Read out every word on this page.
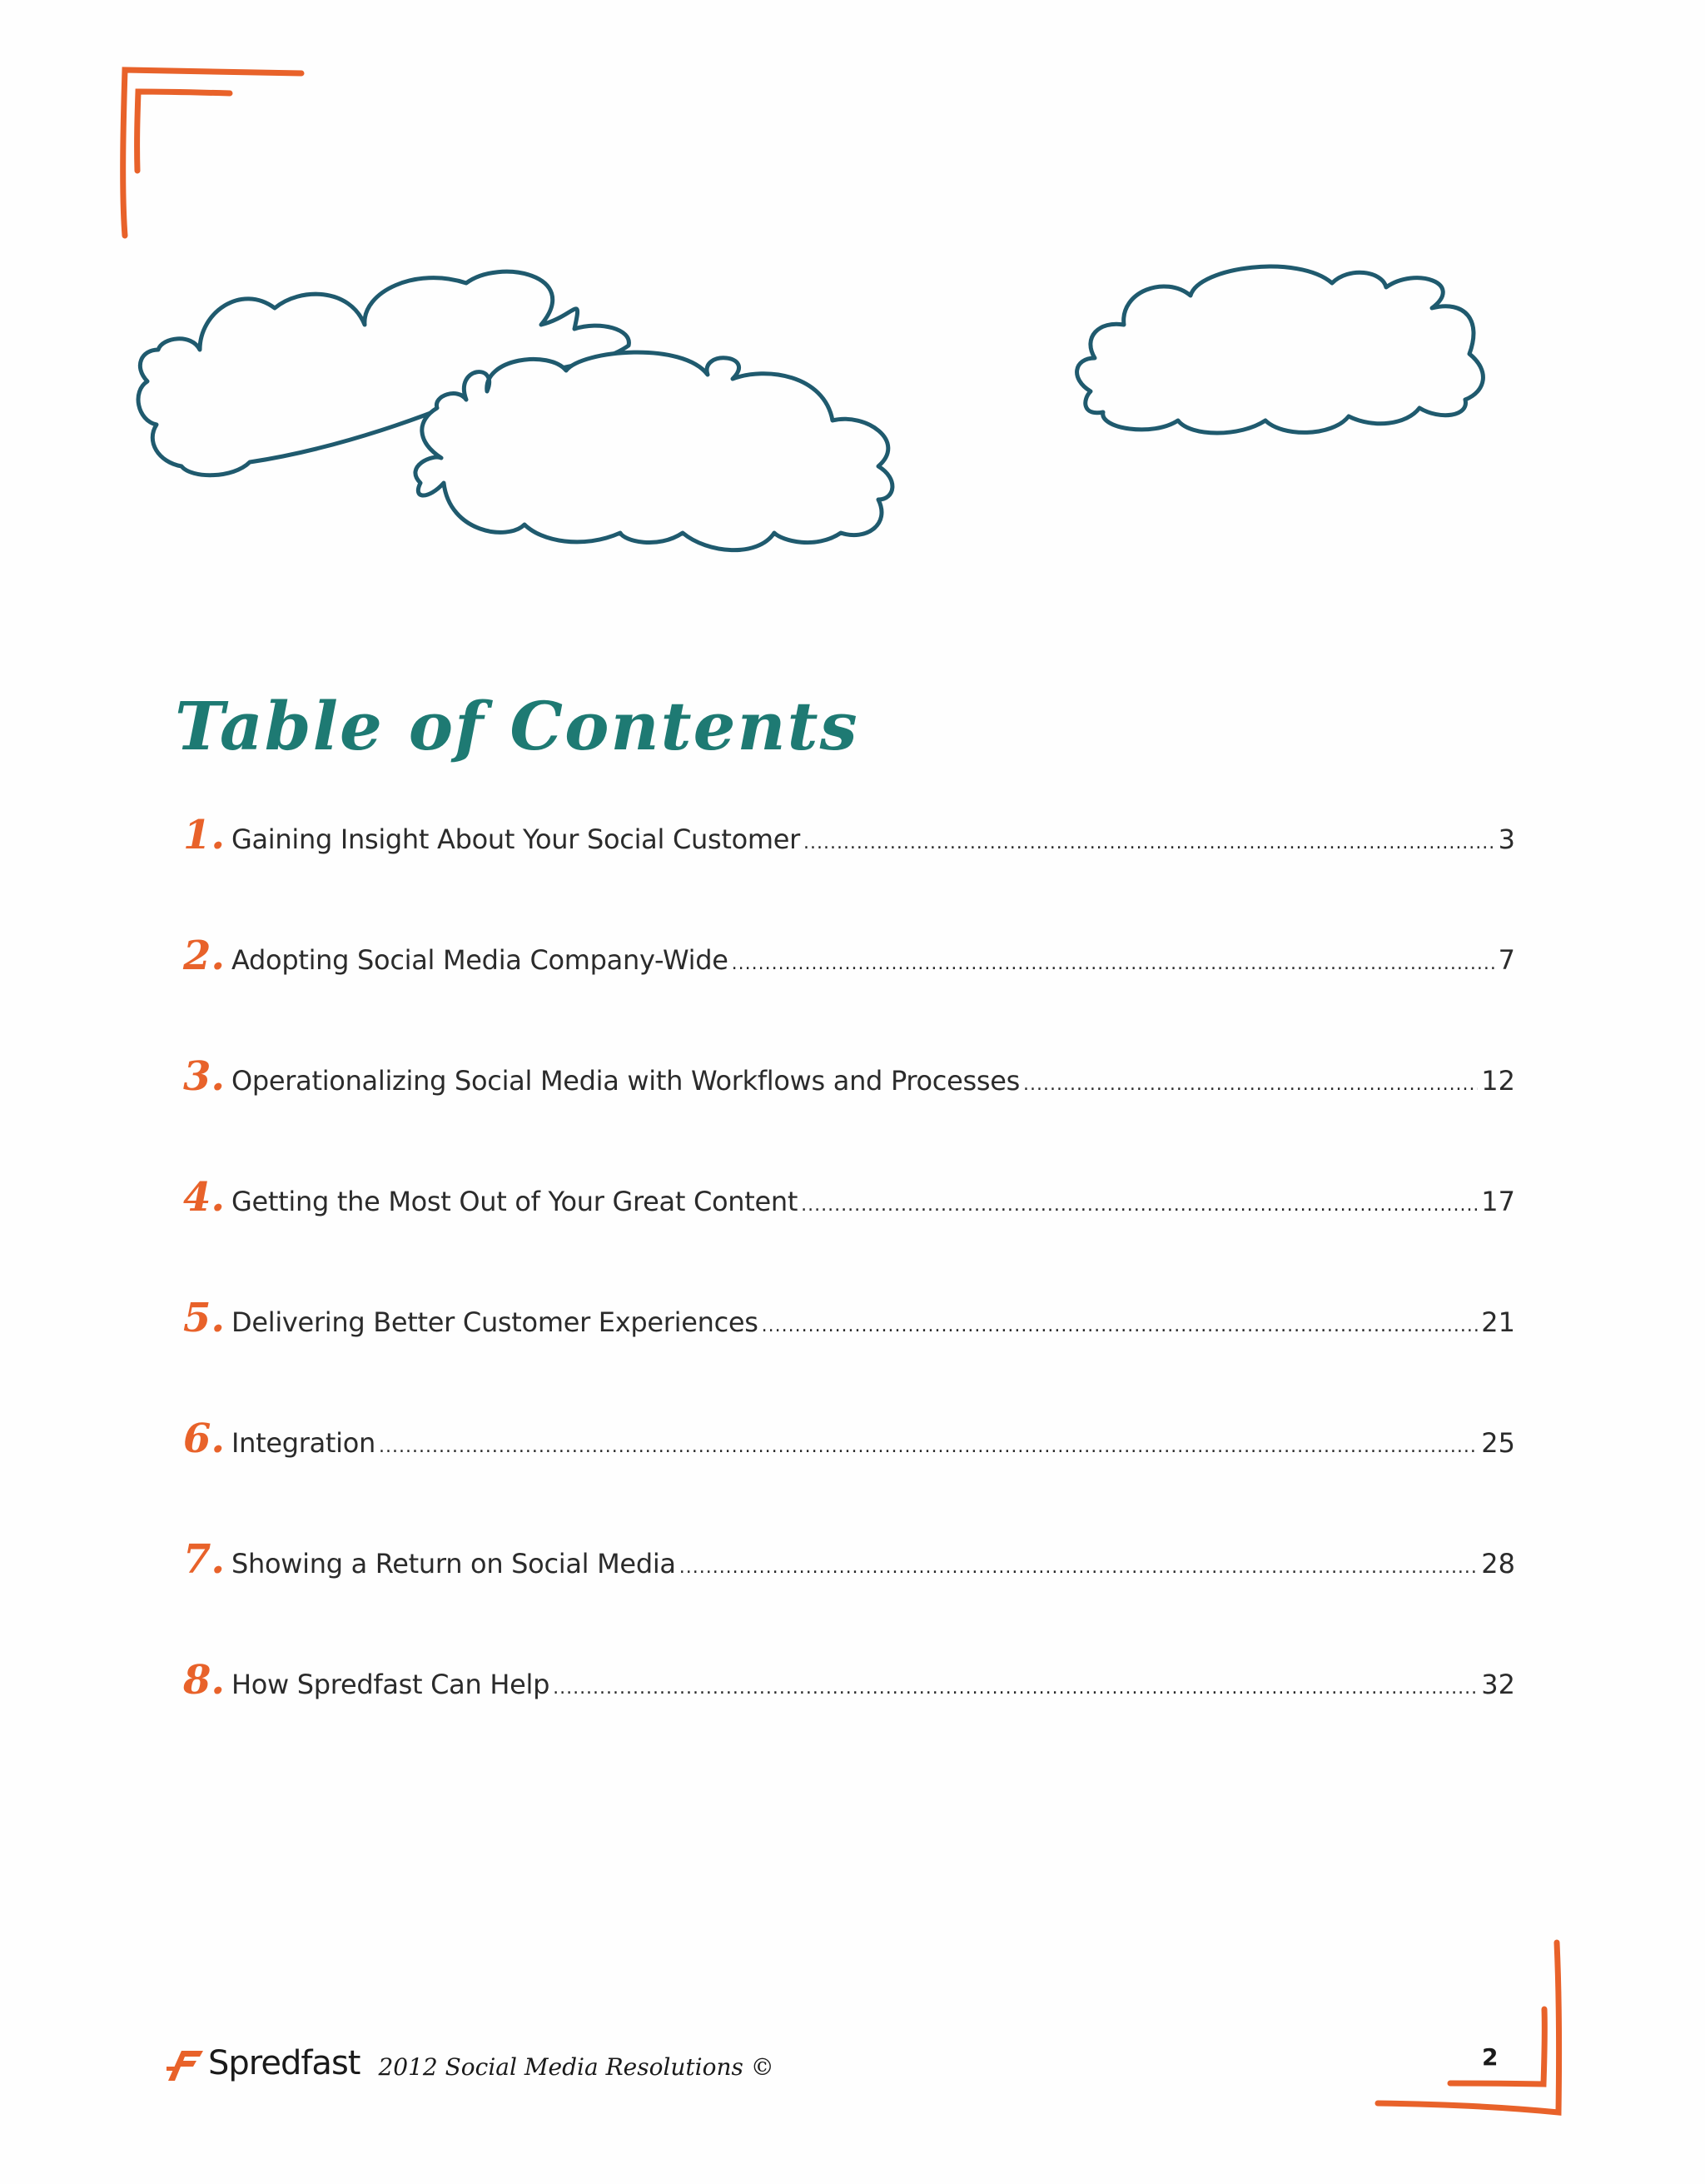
Table of Contents
1. Gaining Insight About Your Social Customer .....	3
2. Adopting Social Media Company-Wide .....	7
3. Operationalizing Social Media with Workflows and Processes .....	12
4. Getting the Most Out of Your Great Content .....	17
5. Delivering Better Customer Experiences .....	21
6. Integration .....	25
7. Showing a Return on Social Media .....	28
8. How Spredfast Can Help .....	32
Spredfast 2012 Social Media Resolutions ©	2
